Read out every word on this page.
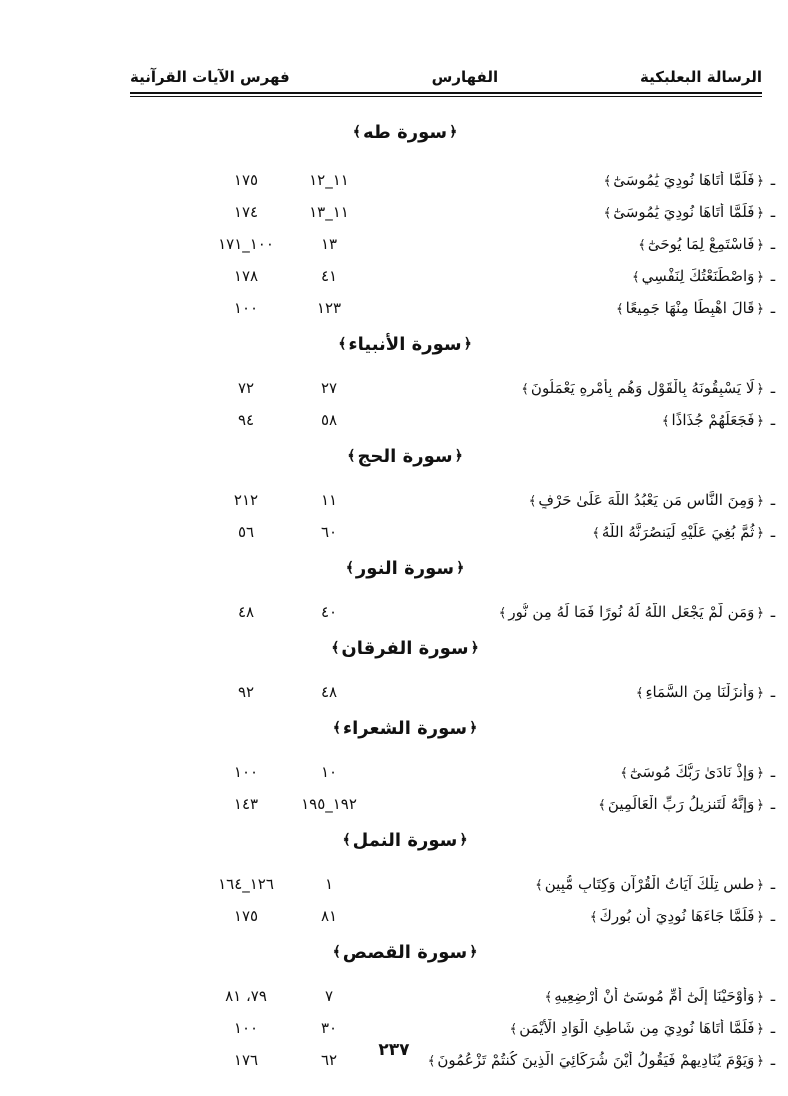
الرسالة البعلبكية
الفهارس
فهرس الآيات القرآنية
﴿
سورة طه
﴾
ـ
﴿فَلَمَّا أَتَاهَا نُودِيَ يَٰمُوسَىٰٓ﴾
١١_١٢
١٧٥
ـ
﴿فَلَمَّا أَتَاهَا نُودِيَ يَٰمُوسَىٰٓ﴾
١١_١٣
١٧٤
ـ
﴿فَاسْتَمِعْ لِمَا يُوحَىٰٓ﴾
١٣
١٠٠_١٧١
ـ
﴿وَاصْطَنَعْتُكَ لِنَفْسِي﴾
٤١
١٧٨
ـ
﴿قَالَ اهْبِطَا مِنْهَا جَمِيعًا﴾
١٢٣
١٠٠
﴿
سورة الأنبياء
﴾
ـ
﴿لَا يَسْبِقُونَهُ بِالْقَوْلِ وَهُم بِأَمْرِهِ يَعْمَلُونَ﴾
٢٧
٧٢
ـ
﴿فَجَعَلَهُمْ جُذَاذًا﴾
٥٨
٩٤
﴿
سورة الحج
﴾
ـ
﴿وَمِنَ النَّاسِ مَن يَعْبُدُ اللَّهَ عَلَىٰ حَرْفٍ﴾
١١
٢١٢
ـ
﴿ثُمَّ بُغِيَ عَلَيْهِ لَيَنصُرَنَّهُ اللَّهُ﴾
٦٠
٥٦
﴿
سورة النور
﴾
ـ
﴿وَمَن لَّمْ يَجْعَلِ اللَّهُ لَهُ نُورًا فَمَا لَهُ مِن نُّورٍ﴾
٤٠
٤٨
﴿
سورة الفرقان
﴾
ـ
﴿وَأَنزَلْنَا مِنَ السَّمَاءِ﴾
٤٨
٩٢
﴿
سورة الشعراء
﴾
ـ
﴿وَإِذْ نَادَىٰ رَبُّكَ مُوسَىٰٓ﴾
١٠
١٠٠
ـ
﴿وَإِنَّهُ لَتَنزِيلُ رَبِّ الْعَالَمِينَ﴾
١٩٢_١٩٥
١٤٣
﴿
سورة النمل
﴾
ـ
﴿طس تِلْكَ آيَاتُ الْقُرْآنِ وَكِتَابٍ مُّبِينٍ﴾
١
١٢٦_١٦٤
ـ
﴿فَلَمَّا جَاءَهَا نُودِيَ أَن بُورِكَ﴾
٨١
١٧٥
﴿
سورة القصص
﴾
ـ
﴿وَأَوْحَيْنَا إِلَىٰٓ أُمِّ مُوسَىٰٓ أَنْ أَرْضِعِيهِ﴾
٧
٧٩، ٨١
ـ
﴿فَلَمَّا أَتَاهَا نُودِيَ مِن شَاطِئِ الْوَادِ الْأَيْمَنِ﴾
٣٠
١٠٠
ـ
﴿وَيَوْمَ يُنَادِيهِمْ فَيَقُولُ أَيْنَ شُرَكَائِيَ الَّذِينَ كُنتُمْ تَزْعُمُونَ﴾
٦٢
١٧٦	٢٣٧
